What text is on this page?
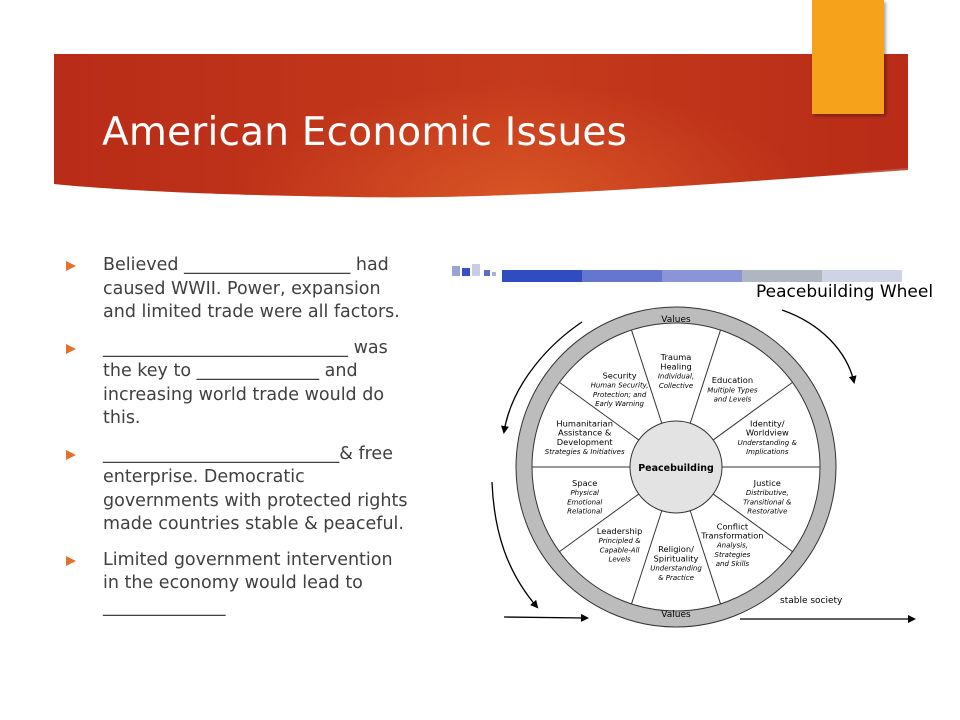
American Economic Issues
Believed ___________________ had caused WWII. Power, expansion and limited trade were all factors.
____________________________ was the key to ______________ and increasing world trade would do this.
___________________________& free enterprise. Democratic governments with protected rights made countries stable & peaceful.
Limited government intervention in the economy would lead to ______________
Peacebuilding Wheel
stable society
Peacebuilding
Values
Values
Trauma
Healing
Individual,
Collective
Education
Multiple Types
and Levels
Identity/
Worldview
Understanding &
Implications
Justice
Distributive,
Transitional &
Restorative
Conflict
Transformation
Analysis,
Strategies
and Skills
Religion/
Spirituality
Understanding
& Practice
Leadership
Principled &
Capable-All
Levels
Space
Physical
Emotional
Relational
Humanitarian
Assistance &
Development
Strategies & Initiatives
Security
Human Security,
Protection; and
Early Warning
